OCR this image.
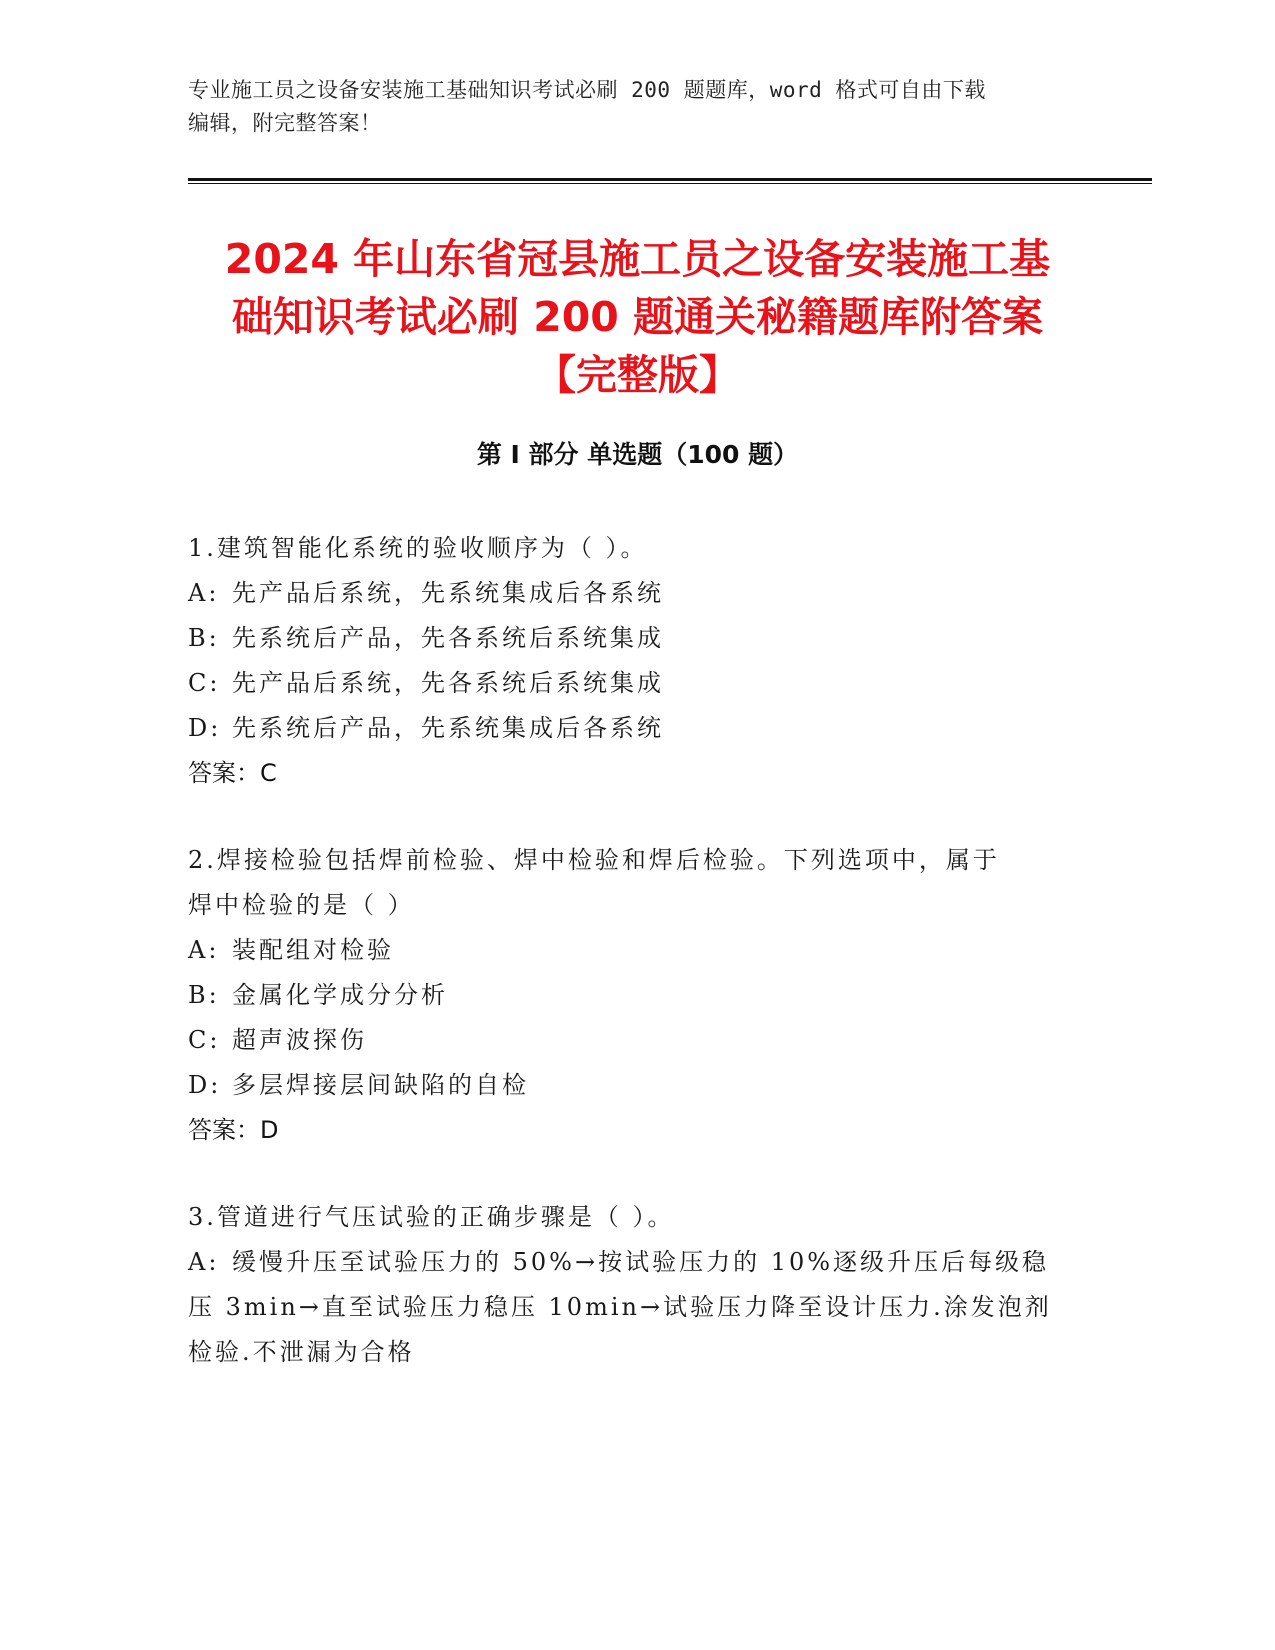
专业施工员之设备安装施工基础知识考试必刷 200 题题库，word 格式可自由下载
编辑，附完整答案！
2024 年山东省冠县施工员之设备安装施工基
础知识考试必刷 200 题通关秘籍题库附答案
【完整版】
第 I 部分 单选题（100 题）
1.建筑智能化系统的验收顺序为（ ）。
A: 先产品后系统，先系统集成后各系统
B: 先系统后产品，先各系统后系统集成
C: 先产品后系统，先各系统后系统集成
D: 先系统后产品，先系统集成后各系统
答案：C
2.焊接检验包括焊前检验、焊中检验和焊后检验。下列选项中，属于
焊中检验的是（ ）
A: 装配组对检验
B: 金属化学成分分析
C: 超声波探伤
D: 多层焊接层间缺陷的自检
答案：D
3.管道进行气压试验的正确步骤是（ ）。
A: 缓慢升压至试验压力的 50%→按试验压力的 10%逐级升压后每级稳
压 3min→直至试验压力稳压 10min→试验压力降至设计压力.涂发泡剂
检验.不泄漏为合格
